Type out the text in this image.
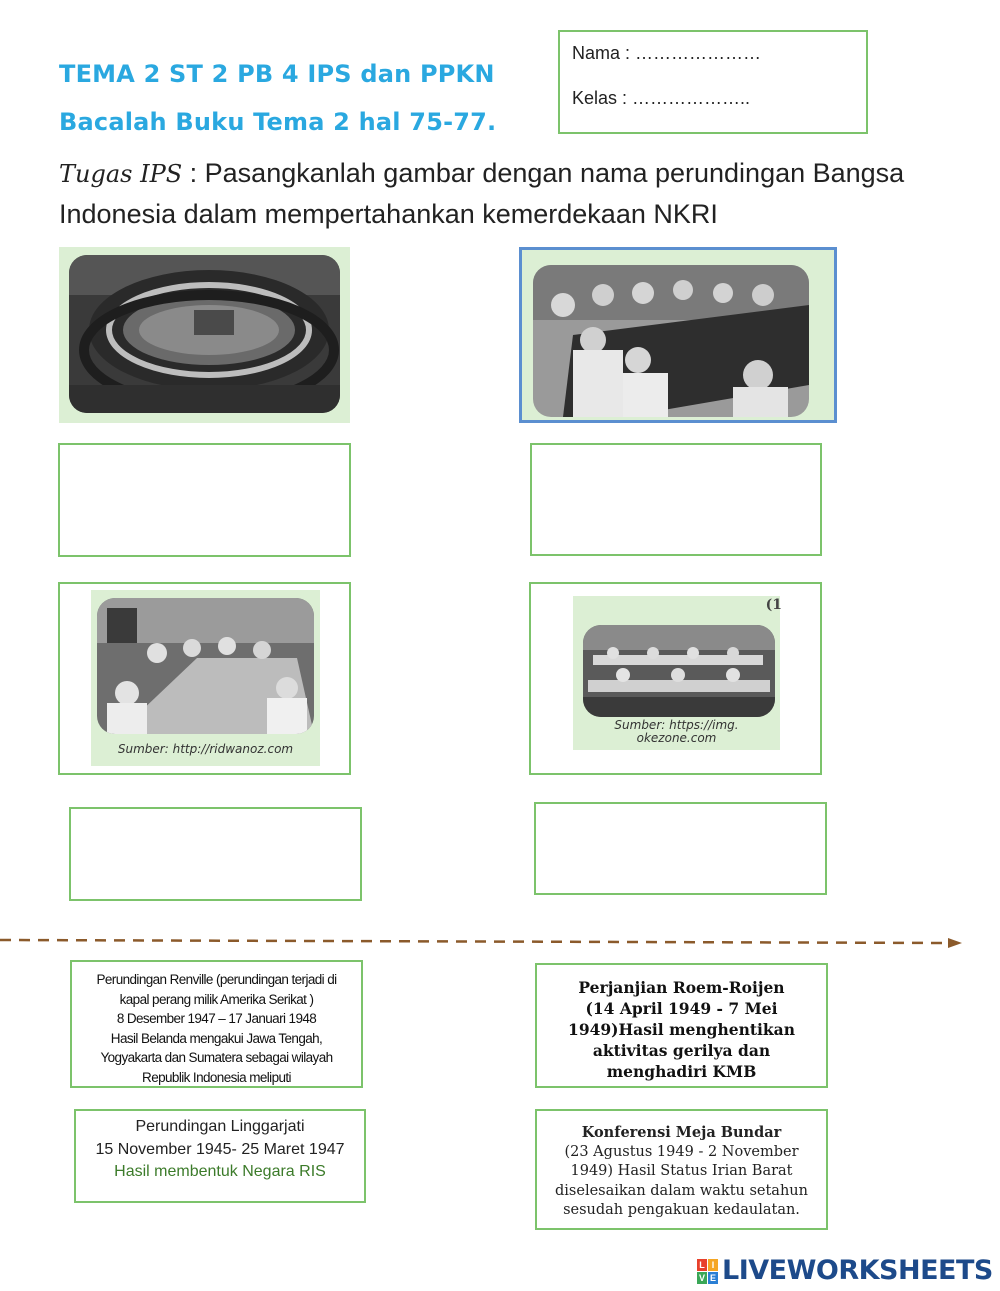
TEMA 2 ST 2 PB 4 IPS dan PPKN
Bacalah Buku Tema 2 hal 75-77.
Nama : …………………
Kelas : ………………..
Tugas IPS : Pasangkanlah gambar dengan nama perundingan Bangsa
Indonesia dalam mempertahankan kemerdekaan NKRI
Sumber: http://ridwanoz.com
(1
Sumber: https://img.
okezone.com
Perundingan Renville (perundingan terjadi di
kapal perang milik Amerika Serikat )
8 Desember 1947 – 17 Januari 1948
Hasil Belanda mengakui Jawa Tengah,
Yogyakarta dan Sumatera sebagai wilayah
Republik Indonesia meliputi
Perjanjian Roem-Roijen
(14 April 1949 - 7 Mei
1949)Hasil menghentikan
aktivitas gerilya dan
menghadiri KMB
Perundingan Linggarjati
15 November 1945- 25 Maret 1947
Hasil membentuk Negara RIS
Konferensi Meja Bundar
(23 Agustus 1949 - 2 November
1949) Hasil Status Irian Barat
diselesaikan dalam waktu setahun
sesudah pengakuan kedaulatan.
L I
V E LIVEWORKSHEETS
